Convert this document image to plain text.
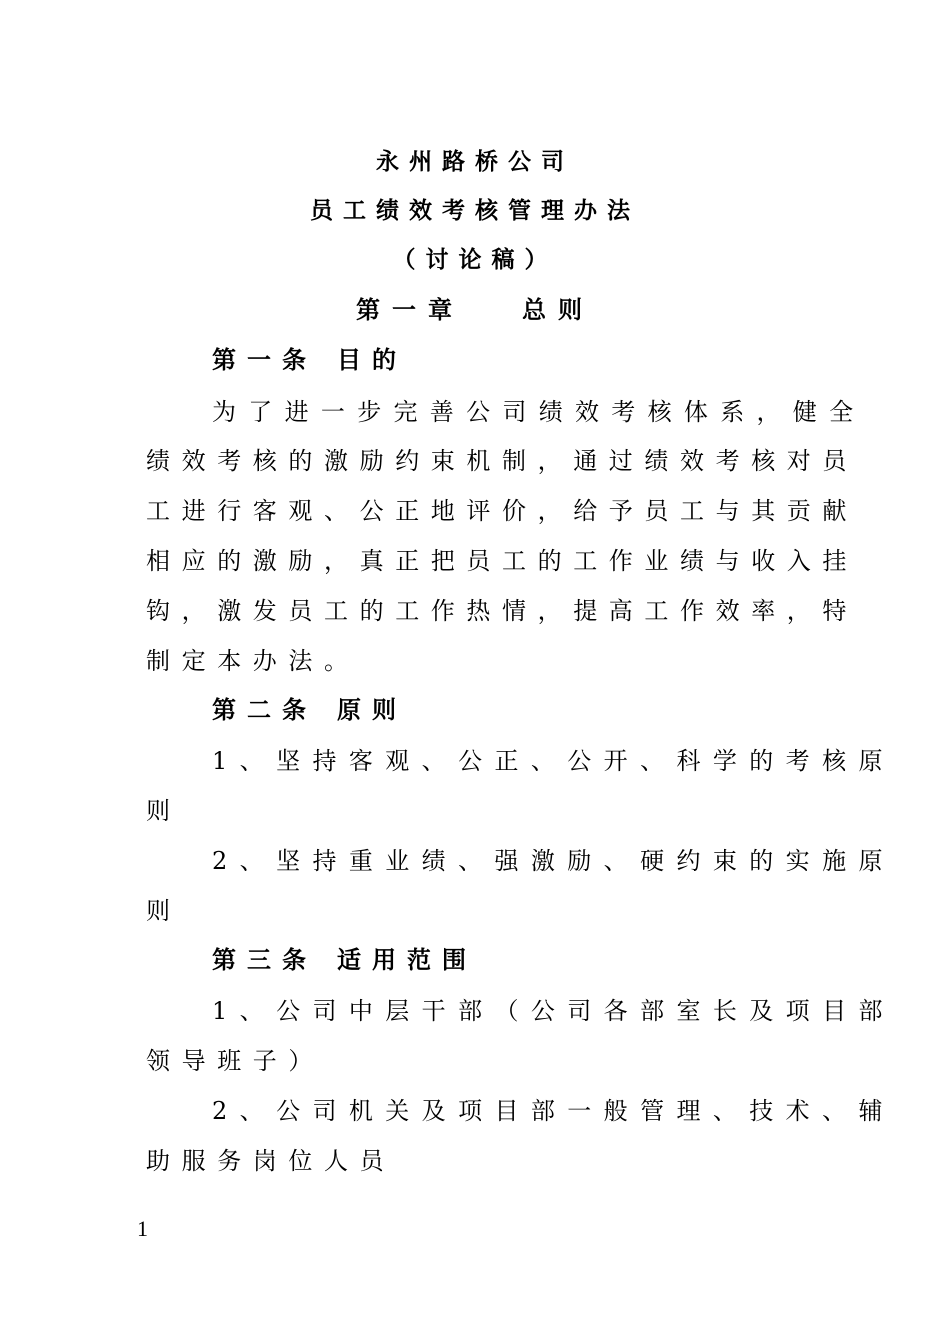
永州路桥公司
员工绩效考核管理办法
（讨论稿）
第一章 总则
第一条 目的
为了进一步完善公司绩效考核体系，健全
绩效考核的激励约束机制，通过绩效考核对员
工进行客观、公正地评价，给予员工与其贡献
相应的激励，真正把员工的工作业绩与收入挂
钩，激发员工的工作热情，提高工作效率，特
制定本办法。
第二条 原则
1、坚持客观、公正、公开、科学的考核原
则
2、坚持重业绩、强激励、硬约束的实施原
则
第三条 适用范围
1、公司中层干部（公司各部室长及项目部
领导班子）
2、公司机关及项目部一般管理、技术、辅
助服务岗位人员
1
